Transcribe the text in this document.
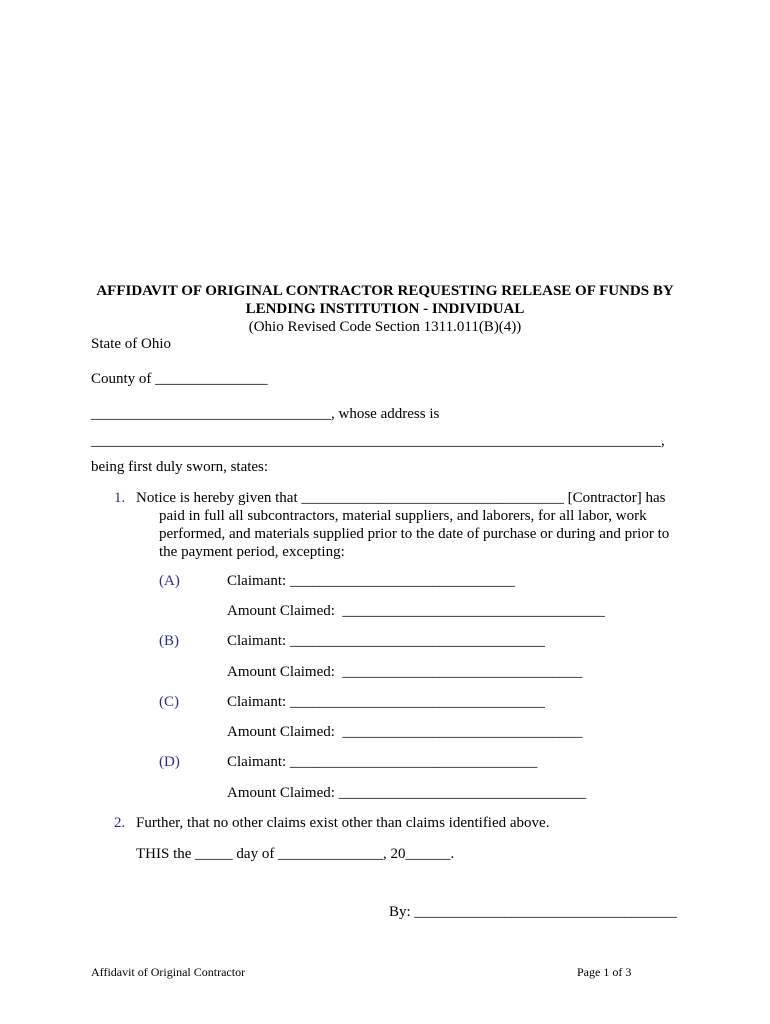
AFFIDAVIT OF ORIGINAL CONTRACTOR REQUESTING RELEASE OF FUNDS BY
LENDING INSTITUTION - INDIVIDUAL
(Ohio Revised Code Section 1311.011(B)(4))
State of Ohio
County of _______________
________________________________, whose address is
____________________________________________________________________________,
being first duly sworn, states:
1. Notice is hereby given that ___________________________________ [Contractor] has
paid in full all subcontractors, material suppliers, and laborers, for all labor, work
performed, and materials supplied prior to the date of purchase or during and prior to
the payment period, excepting:
(A)	Claimant: ______________________________
Amount Claimed:  ___________________________________
(B)	Claimant: __________________________________
Amount Claimed:  ________________________________
(C)	Claimant: __________________________________
Amount Claimed:  ________________________________
(D)	Claimant: _________________________________
Amount Claimed: _________________________________
2. Further, that no other claims exist other than claims identified above.
THIS the _____ day of ______________, 20______.
By: ___________________________________
Affidavit of Original Contractor	Page 1 of 3
